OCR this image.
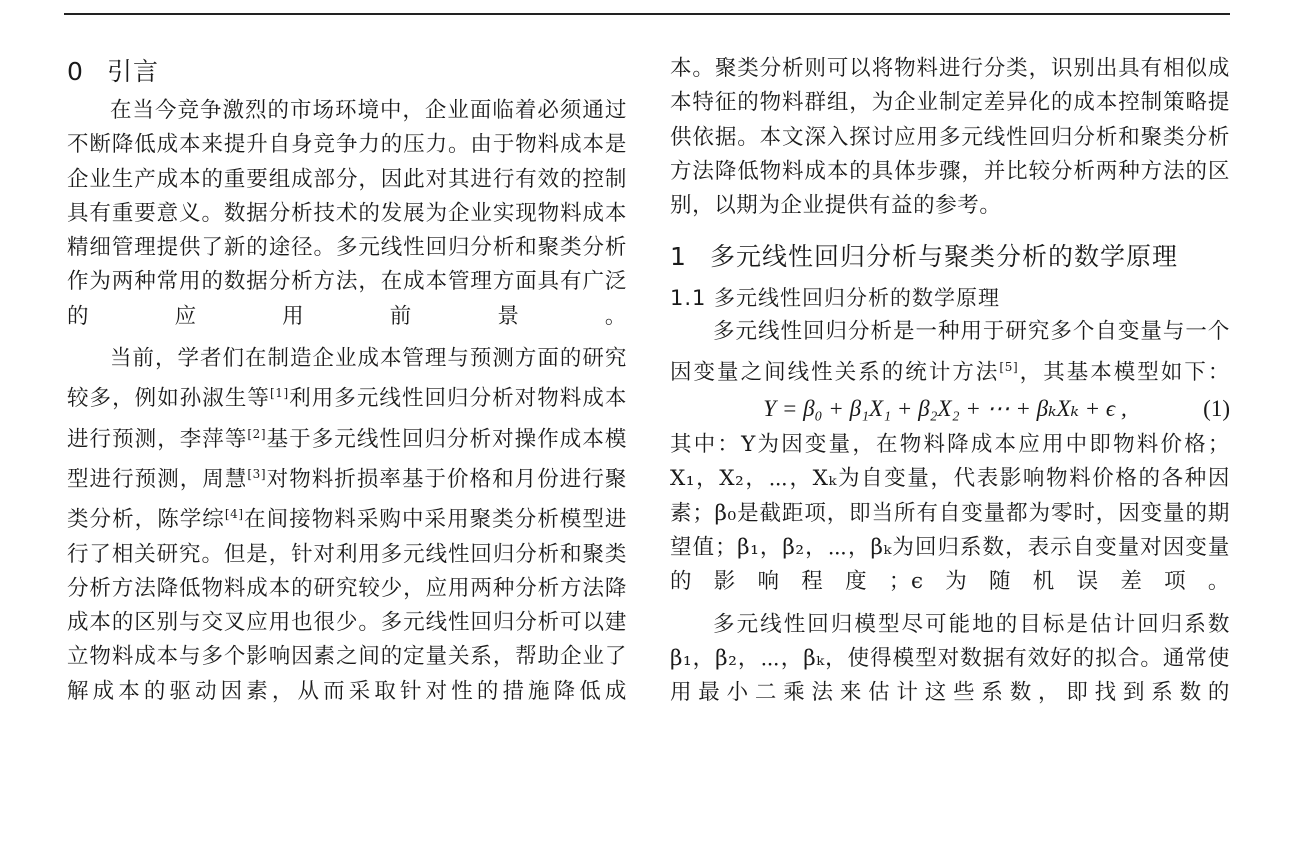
0 引言

在当今竞争激烈的市场环境中，企业面临着必须通过不断降低成本来提升自身竞争力的压力。由于物料成本是企业生产成本的重要组成部分，因此对其进行有效的控制具有重要意义。数据分析技术的发展为企业实现物料成本精细管理提供了新的途径。多元线性回归分析和聚类分析作为两种常用的数据分析方法，在成本管理方面具有广泛的应用前景。

当前，学者们在制造企业成本管理与预测方面的研究较多，例如孙淑生等[1]利用多元线性回归分析对物料成本进行预测，李萍等[2]基于多元线性回归分析对操作成本模型进行预测，周慧[3]对物料折损率基于价格和月份进行聚类分析，陈学综[4]在间接物料采购中采用聚类分析模型进行了相关研究。但是，针对利用多元线性回归分析和聚类分析方法降低物料成本的研究较少，应用两种分析方法降成本的区别与交叉应用也很少。多元线性回归分析可以建立物料成本与多个影响因素之间的定量关系，帮助企业了解成本的驱动因素，从而采取针对性的措施降低成

本。聚类分析则可以将物料进行分类，识别出具有相似成本特征的物料群组，为企业制定差异化的成本控制策略提供依据。本文深入探讨应用多元线性回归分析和聚类分析方法降低物料成本的具体步骤，并比较分析两种方法的区别，以期为企业提供有益的参考。

1 多元线性回归分析与聚类分析的数学原理
1.1 多元线性回归分析的数学原理

多元线性回归分析是一种用于研究多个自变量与一个因变量之间线性关系的统计方法[5]，其基本模型如下：

Y = β₀ + β₁X₁ + β₂X₂ + ⋯ + βₖXₖ + ϵ ,	(1)

其中：Y为因变量，在物料降成本应用中即物料价格；X₁，X₂，⋯，Xₖ为自变量，代表影响物料价格的各种因素；β₀是截距项，即当所有自变量都为零时，因变量的期望值；β₁，β₂，⋯，βₖ为回归系数，表示自变量对因变量的影响程度；ϵ为随机误差项。

多元线性回归模型尽可能地的目标是估计回归系数β₁，β₂，⋯，βₖ，使得模型对数据有效好的拟合。通常使用最小二乘法来估计这些系数，即找到系数的
